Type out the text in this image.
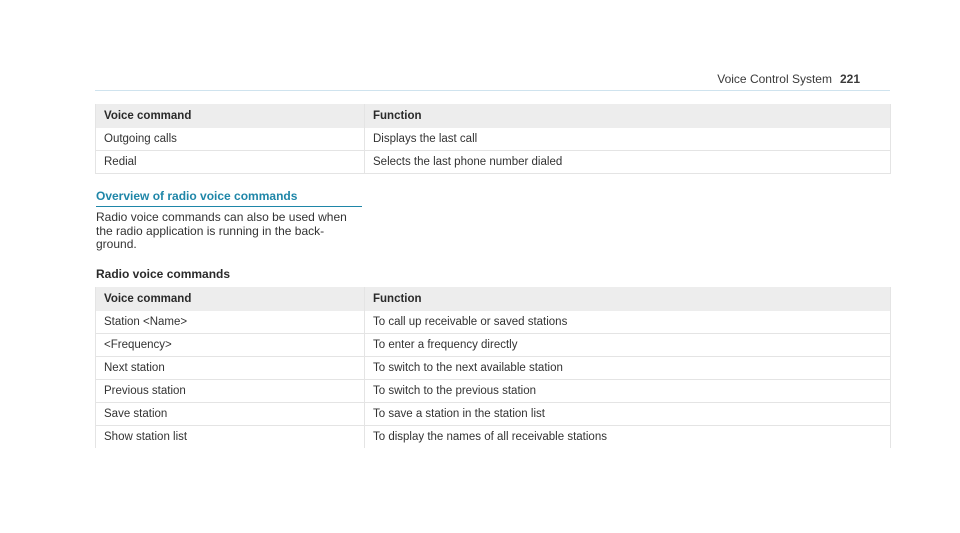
Voice Control System 221
Voice command	Function
Outgoing calls	Displays the last call
Redial	Selects the last phone number dialed
Overview of radio voice commands
Radio voice commands can also be used when
the radio application is running in the back-
ground.
Radio voice commands
Voice command	Function
Station <Name>	To call up receivable or saved stations
<Frequency>	To enter a frequency directly
Next station	To switch to the next available station
Previous station	To switch to the previous station
Save station	To save a station in the station list
Show station list	To display the names of all receivable stations
